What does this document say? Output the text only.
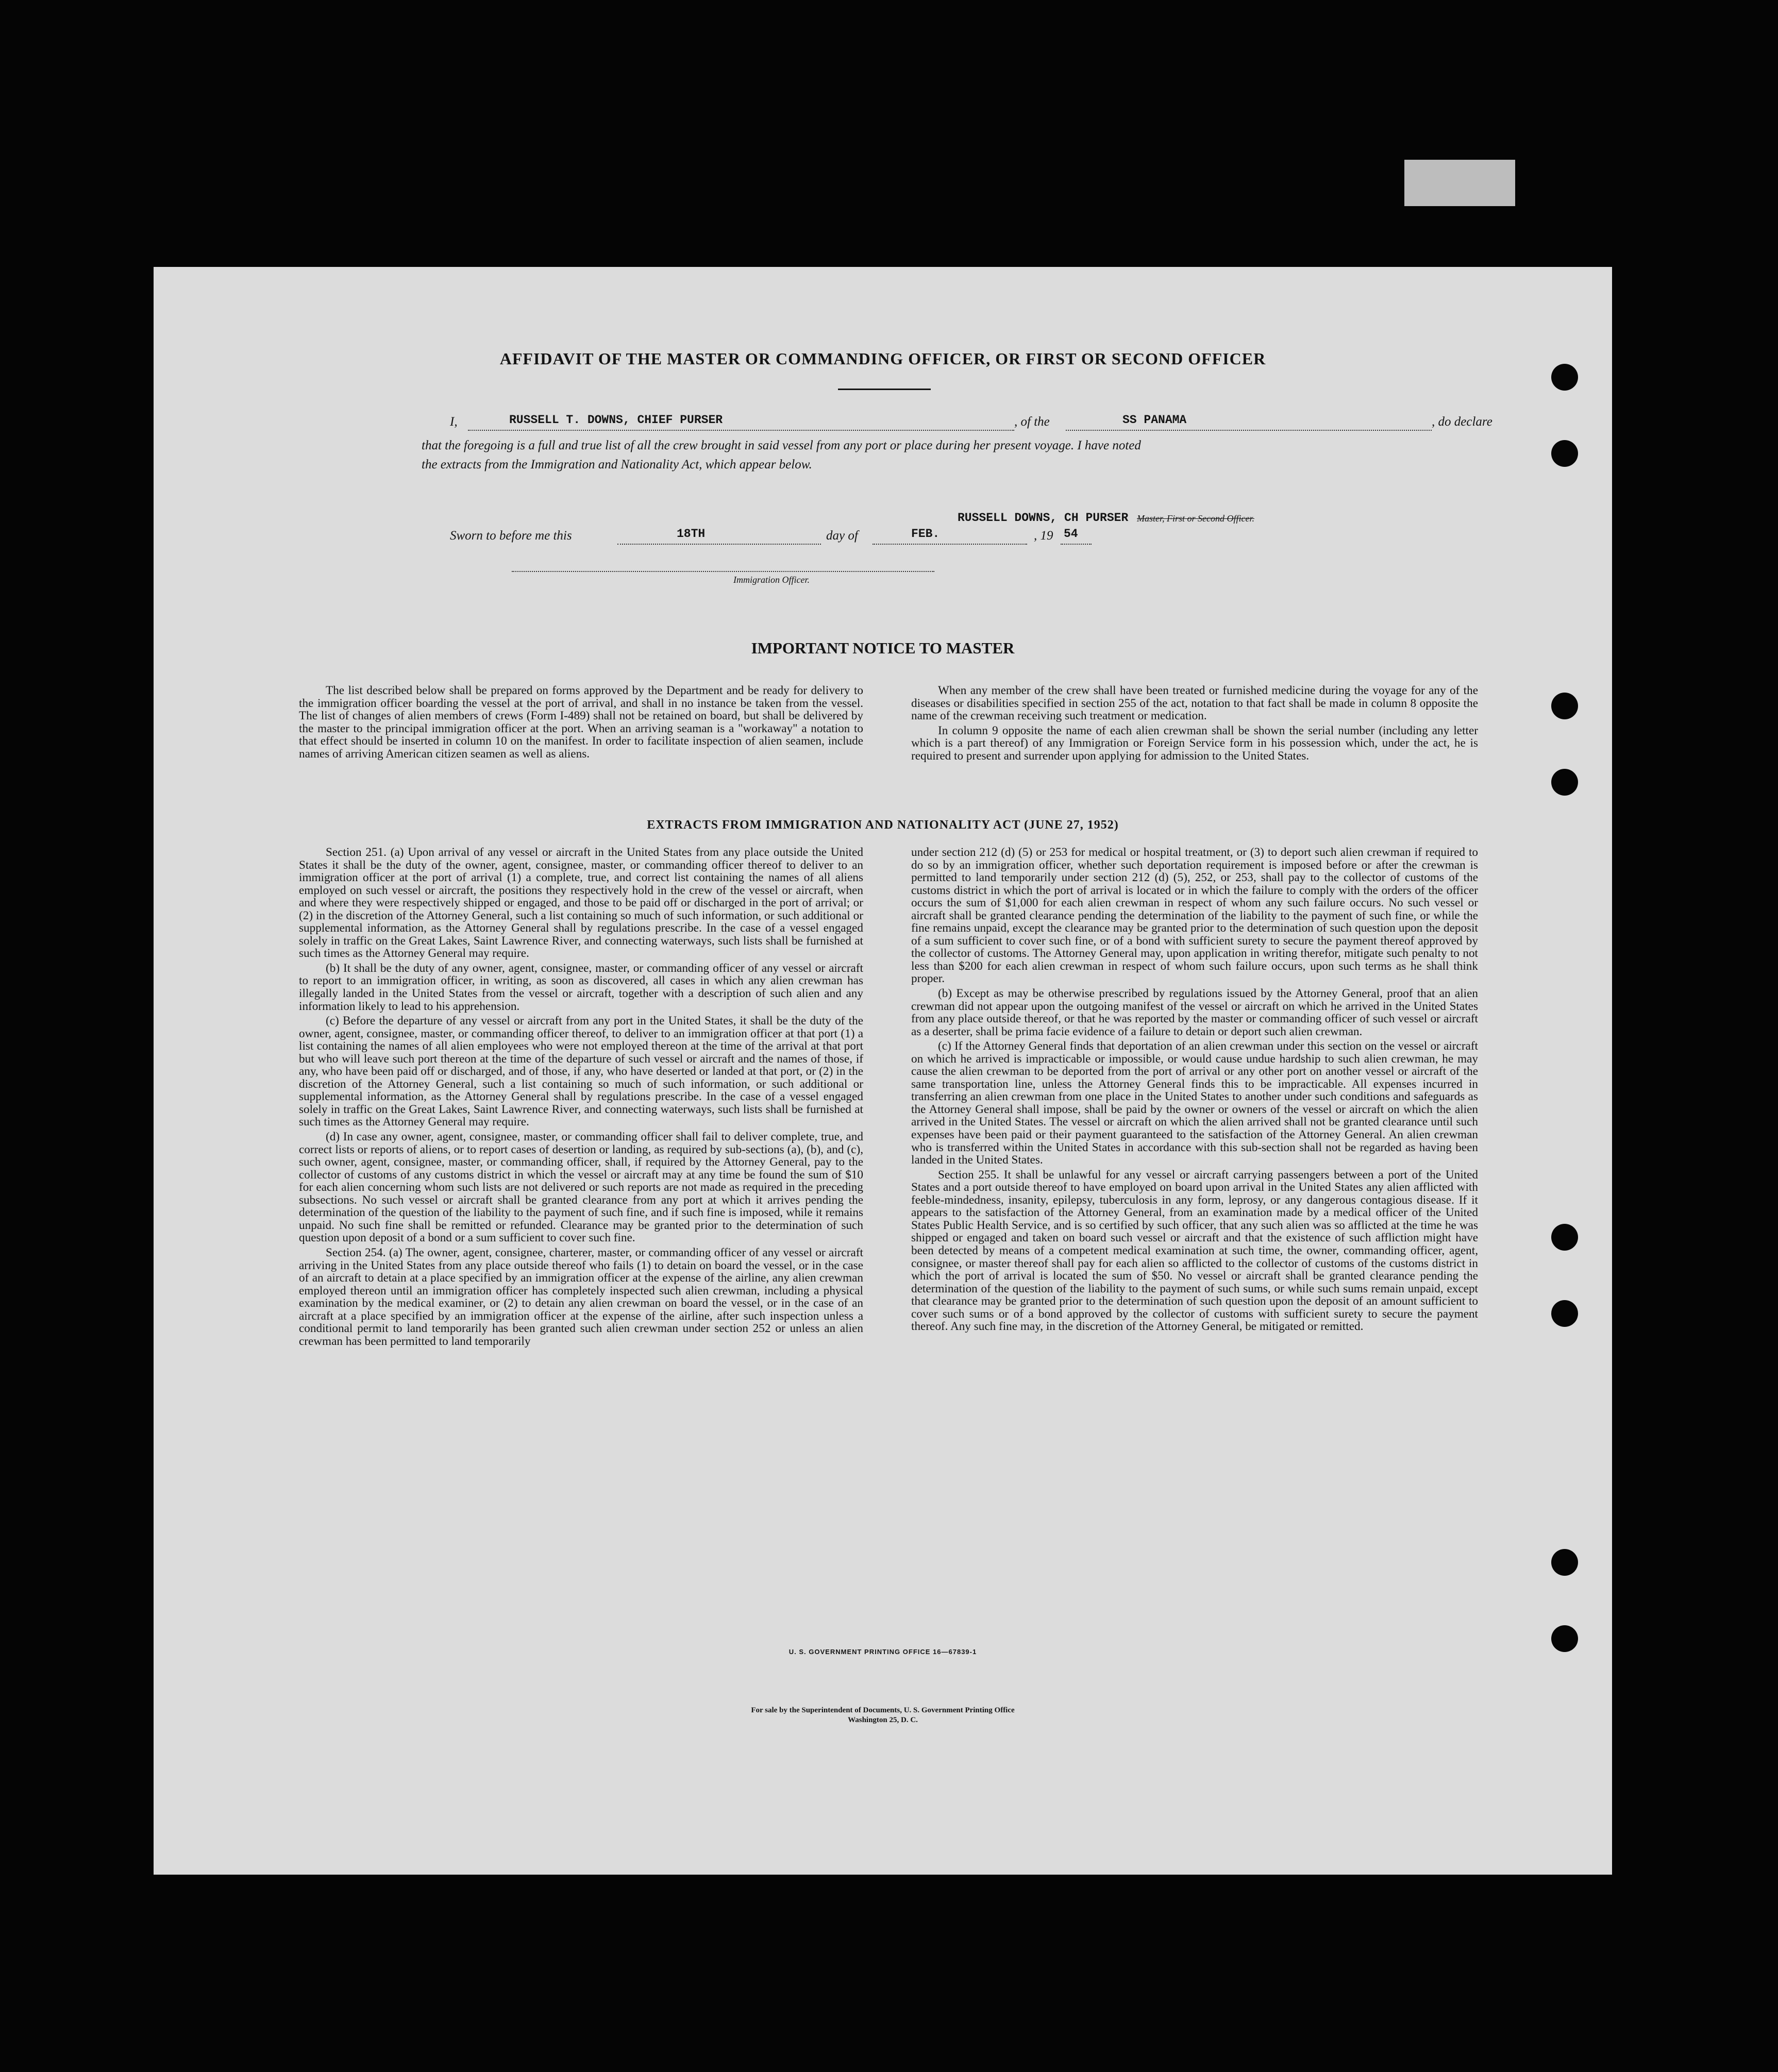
AFFIDAVIT OF THE MASTER OR COMMANDING OFFICER, OR FIRST OR SECOND OFFICER
I,	RUSSELL T. DOWNS, CHIEF PURSER	, of the	SS PANAMA	, do declare
that the foregoing is a full and true list of all the crew brought in said vessel from any port or place during her present voyage. I have noted
the extracts from the Immigration and Nationality Act, which appear below.
RUSSELL DOWNS, CH PURSER Master, First or Second Officer.
Sworn to before me this	18TH	day of	FEB.	, 19 54
Immigration Officer.
IMPORTANT NOTICE TO MASTER

The list described below shall be prepared on forms approved by the Department and be ready for delivery to the immigration officer boarding the vessel at the port of arrival, and shall in no instance be taken from the vessel. The list of changes of alien members of crews (Form I-489) shall not be retained on board, but shall be delivered by the master to the principal immigration officer at the port. When an arriving seaman is a "workaway" a notation to that effect should be inserted in column 10 on the manifest. In order to facilitate inspection of alien seamen, include names of arriving American citizen seamen as well as aliens.

When any member of the crew shall have been treated or furnished medicine during the voyage for any of the diseases or disabilities specified in section 255 of the act, notation to that fact shall be made in column 8 opposite the name of the crewman receiving such treatment or medication.

In column 9 opposite the name of each alien crewman shall be shown the serial number (including any letter which is a part thereof) of any Immigration or Foreign Service form in his possession which, under the act, he is required to present and surrender upon applying for admission to the United States.

EXTRACTS FROM IMMIGRATION AND NATIONALITY ACT (JUNE 27, 1952)

Section 251. (a) Upon arrival of any vessel or aircraft in the United States from any place outside the United States it shall be the duty of the owner, agent, consignee, master, or commanding officer thereof to deliver to an immigration officer at the port of arrival (1) a complete, true, and correct list containing the names of all aliens employed on such vessel or aircraft, the positions they respectively hold in the crew of the vessel or aircraft, when and where they were respectively shipped or engaged, and those to be paid off or discharged in the port of arrival; or (2) in the discretion of the Attorney General, such a list containing so much of such information, or such additional or supplemental information, as the Attorney General shall by regulations prescribe. In the case of a vessel engaged solely in traffic on the Great Lakes, Saint Lawrence River, and connecting waterways, such lists shall be furnished at such times as the Attorney General may require.

(b) It shall be the duty of any owner, agent, consignee, master, or commanding officer of any vessel or aircraft to report to an immigration officer, in writing, as soon as discovered, all cases in which any alien crewman has illegally landed in the United States from the vessel or aircraft, together with a description of such alien and any information likely to lead to his apprehension.

(c) Before the departure of any vessel or aircraft from any port in the United States, it shall be the duty of the owner, agent, consignee, master, or commanding officer thereof, to deliver to an immigration officer at that port (1) a list containing the names of all alien employees who were not employed thereon at the time of the arrival at that port but who will leave such port thereon at the time of the departure of such vessel or aircraft and the names of those, if any, who have been paid off or discharged, and of those, if any, who have deserted or landed at that port, or (2) in the discretion of the Attorney General, such a list containing so much of such information, or such additional or supplemental information, as the Attorney General shall by regulations prescribe. In the case of a vessel engaged solely in traffic on the Great Lakes, Saint Lawrence River, and connecting waterways, such lists shall be furnished at such times as the Attorney General may require.

(d) In case any owner, agent, consignee, master, or commanding officer shall fail to deliver complete, true, and correct lists or reports of aliens, or to report cases of desertion or landing, as required by sub-sections (a), (b), and (c), such owner, agent, consignee, master, or commanding officer, shall, if required by the Attorney General, pay to the collector of customs of any customs district in which the vessel or aircraft may at any time be found the sum of $10 for each alien concerning whom such lists are not delivered or such reports are not made as required in the preceding subsections. No such vessel or aircraft shall be granted clearance from any port at which it arrives pending the determination of the question of the liability to the payment of such fine, and if such fine is imposed, while it remains unpaid. No such fine shall be remitted or refunded. Clearance may be granted prior to the determination of such question upon deposit of a bond or a sum sufficient to cover such fine.

Section 254. (a) The owner, agent, consignee, charterer, master, or commanding officer of any vessel or aircraft arriving in the United States from any place outside thereof who fails (1) to detain on board the vessel, or in the case of an aircraft to detain at a place specified by an immigration officer at the expense of the airline, any alien crewman employed thereon until an immigration officer has completely inspected such alien crewman, including a physical examination by the medical examiner, or (2) to detain any alien crewman on board the vessel, or in the case of an aircraft at a place specified by an immigration officer at the expense of the airline, after such inspection unless a conditional permit to land temporarily has been granted such alien crewman under section 252 or unless an alien crewman has been permitted to land temporarily

under section 212 (d) (5) or 253 for medical or hospital treatment, or (3) to deport such alien crewman if required to do so by an immigration officer, whether such deportation requirement is imposed before or after the crewman is permitted to land temporarily under section 212 (d) (5), 252, or 253, shall pay to the collector of customs of the customs district in which the port of arrival is located or in which the failure to comply with the orders of the officer occurs the sum of $1,000 for each alien crewman in respect of whom any such failure occurs. No such vessel or aircraft shall be granted clearance pending the determination of the liability to the payment of such fine, or while the fine remains unpaid, except the clearance may be granted prior to the determination of such question upon the deposit of a sum sufficient to cover such fine, or of a bond with sufficient surety to secure the payment thereof approved by the collector of customs. The Attorney General may, upon application in writing therefor, mitigate such penalty to not less than $200 for each alien crewman in respect of whom such failure occurs, upon such terms as he shall think proper.

(b) Except as may be otherwise prescribed by regulations issued by the Attorney General, proof that an alien crewman did not appear upon the outgoing manifest of the vessel or aircraft on which he arrived in the United States from any place outside thereof, or that he was reported by the master or commanding officer of such vessel or aircraft as a deserter, shall be prima facie evidence of a failure to detain or deport such alien crewman.

(c) If the Attorney General finds that deportation of an alien crewman under this section on the vessel or aircraft on which he arrived is impracticable or impossible, or would cause undue hardship to such alien crewman, he may cause the alien crewman to be deported from the port of arrival or any other port on another vessel or aircraft of the same transportation line, unless the Attorney General finds this to be impracticable. All expenses incurred in transferring an alien crewman from one place in the United States to another under such conditions and safeguards as the Attorney General shall impose, shall be paid by the owner or owners of the vessel or aircraft on which the alien arrived in the United States. The vessel or aircraft on which the alien arrived shall not be granted clearance until such expenses have been paid or their payment guaranteed to the satisfaction of the Attorney General. An alien crewman who is transferred within the United States in accordance with this sub-section shall not be regarded as having been landed in the United States.

Section 255. It shall be unlawful for any vessel or aircraft carrying passengers between a port of the United States and a port outside thereof to have employed on board upon arrival in the United States any alien afflicted with feeble-mindedness, insanity, epilepsy, tuberculosis in any form, leprosy, or any dangerous contagious disease. If it appears to the satisfaction of the Attorney General, from an examination made by a medical officer of the United States Public Health Service, and is so certified by such officer, that any such alien was so afflicted at the time he was shipped or engaged and taken on board such vessel or aircraft and that the existence of such affliction might have been detected by means of a competent medical examination at such time, the owner, commanding officer, agent, consignee, or master thereof shall pay for each alien so afflicted to the collector of customs of the customs district in which the port of arrival is located the sum of $50. No vessel or aircraft shall be granted clearance pending the determination of the question of the liability to the payment of such sums, or while such sums remain unpaid, except that clearance may be granted prior to the determination of such question upon the deposit of an amount sufficient to cover such sums or of a bond approved by the collector of customs with sufficient surety to secure the payment thereof. Any such fine may, in the discretion of the Attorney General, be mitigated or remitted.

U. S. GOVERNMENT PRINTING OFFICE 16—67839-1
For sale by the Superintendent of Documents, U. S. Government Printing Office
Washington 25, D. C.
